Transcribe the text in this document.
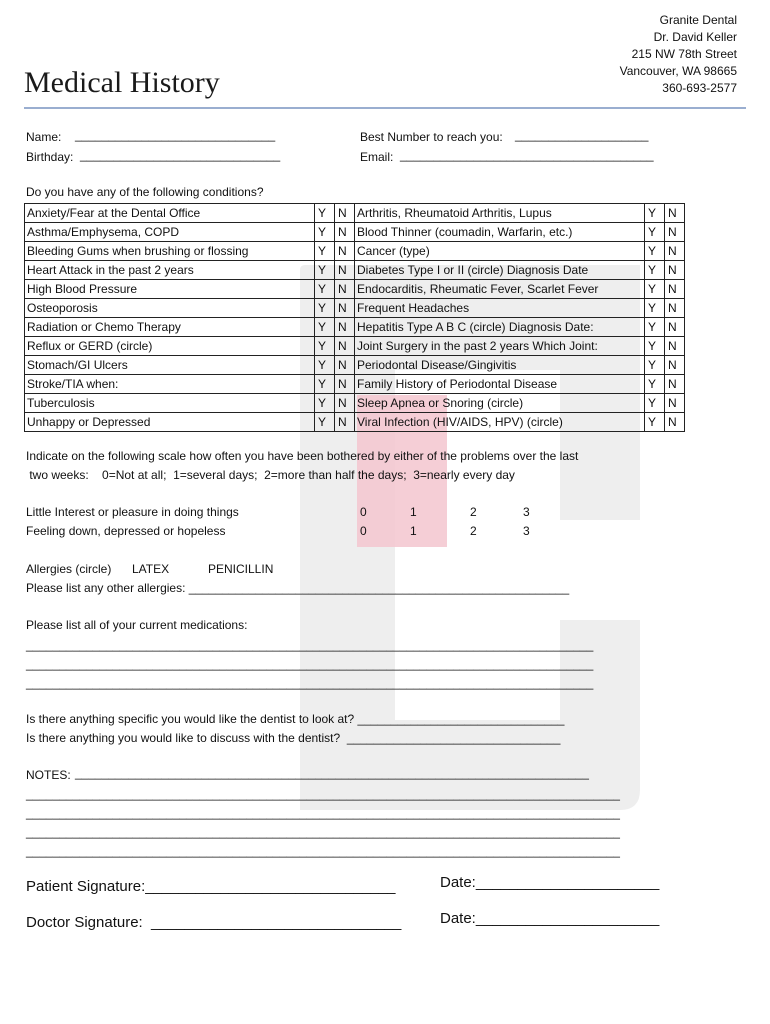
Granite Dental
Dr. David Keller
215 NW 78th Street
Vancouver, WA 98665
360-693-2577
Medical History
Name: ______________________________
Birthday: ______________________________
Best Number to reach you: ____________________
Email: ______________________________________
Do you have any of the following conditions?
Anxiety/Fear at the Dental Office	Y	N	Arthritis, Rheumatoid Arthritis, Lupus	Y	N
Asthma/Emphysema, COPD	Y	N	Blood Thinner (coumadin, Warfarin, etc.)	Y	N
Bleeding Gums when brushing or flossing	Y	N	Cancer (type)	Y	N
Heart Attack in the past 2 years	Y	N	Diabetes Type I or II (circle) Diagnosis Date	Y	N
High Blood Pressure	Y	N	Endocarditis, Rheumatic Fever, Scarlet Fever	Y	N
Osteoporosis	Y	N	Frequent Headaches	Y	N
Radiation or Chemo Therapy	Y	N	Hepatitis Type A B C (circle) Diagnosis Date:	Y	N
Reflux or GERD (circle)	Y	N	Joint Surgery in the past 2 years Which Joint:	Y	N
Stomach/GI Ulcers	Y	N	Periodontal Disease/Gingivitis	Y	N
Stroke/TIA when:	Y	N	Family History of Periodontal Disease	Y	N
Tuberculosis	Y	N	Sleep Apnea or Snoring (circle)	Y	N
Unhappy or Depressed	Y	N	Viral Infection (HIV/AIDS, HPV) (circle)	Y	N
Indicate on the following scale how often you have been bothered by either of the problems over the last
two weeks:    0=Not at all;  1=several days;  2=more than half the days;  3=nearly every day
Little Interest or pleasure in doing things	0	1	2	3
Feeling down, depressed or hopeless	0	1	2	3
Allergies (circle) LATEX	PENICILLIN
Please list any other allergies: _________________________________________________________
Please list all of your current medications:
_____________________________________________________________________________________
_____________________________________________________________________________________
_____________________________________________________________________________________
Is there anything specific you would like the dentist to look at? _______________________________
Is there anything you would like to discuss with the dentist?  ________________________________
NOTES: _____________________________________________________________________________
_________________________________________________________________________________________
_________________________________________________________________________________________
_________________________________________________________________________________________
_________________________________________________________________________________________
Patient Signature:______________________________	Date:______________________
Doctor Signature:  ______________________________	Date:______________________
